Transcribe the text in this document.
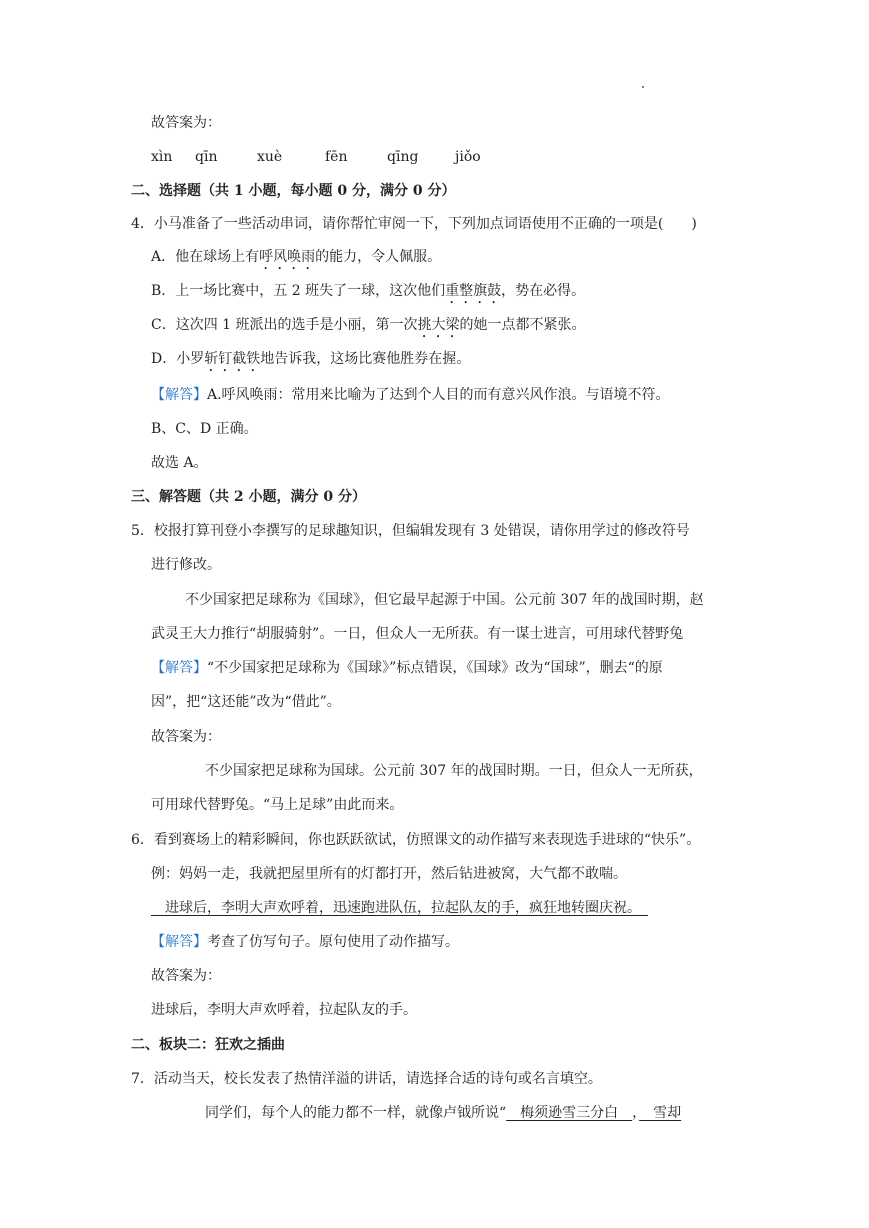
故答案为：
xìn qīn	xuè	fēn	qīng	jiǒo
二、选择题（共 1 小题，每小题 0 分，满分 0 分）
4．小马准备了一些活动串词，请你帮忙审阅一下，下列加点词语使用不正确的一项是(　　)
A．他在球场上有呼风唤雨的能力，令人佩服。
B．上一场比赛中，五 2 班失了一球，这次他们重整旗鼓，势在必得。
C．这次四 1 班派出的选手是小丽，第一次挑大梁的她一点都不紧张。
D．小罗斩钉截铁地告诉我，这场比赛他胜券在握。
【解答】A.呼风唤雨：常用来比喻为了达到个人目的而有意兴风作浪。与语境不符。
B、C、D 正确。
故选 A。
三、解答题（共 2 小题，满分 0 分）
5．校报打算刊登小李撰写的足球趣知识，但编辑发现有 3 处错误，请你用学过的修改符号
进行修改。
不少国家把足球称为《国球》，但它最早起源于中国。公元前 307 年的战国时期，赵
武灵王大力推行“胡服骑射”。一日，但众人一无所获。有一谋士进言，可用球代替野兔
【解答】“不少国家把足球称为《国球》”标点错误，《国球》改为“国球”，删去“的原
因”，把“这还能”改为“借此”。
故答案为：
不少国家把足球称为国球。公元前 307 年的战国时期。一日，但众人一无所获，
可用球代替野兔。“马上足球”由此而来。
6．看到赛场上的精彩瞬间，你也跃跃欲试，仿照课文的动作描写来表现选手进球的“快乐”。
例：妈妈一走，我就把屋里所有的灯都打开，然后钻进被窝，大气都不敢喘。
　进球后，李明大声欢呼着，迅速跑进队伍，拉起队友的手，疯狂地转圈庆祝。　
【解答】考查了仿写句子。原句使用了动作描写。
故答案为：
进球后，李明大声欢呼着，拉起队友的手。
二、板块二：狂欢之插曲
7．活动当天，校长发表了热情洋溢的讲话，请选择合适的诗句或名言填空。
同学们，每个人的能力都不一样，就像卢钺所说“　梅须逊雪三分白　，　雪却
